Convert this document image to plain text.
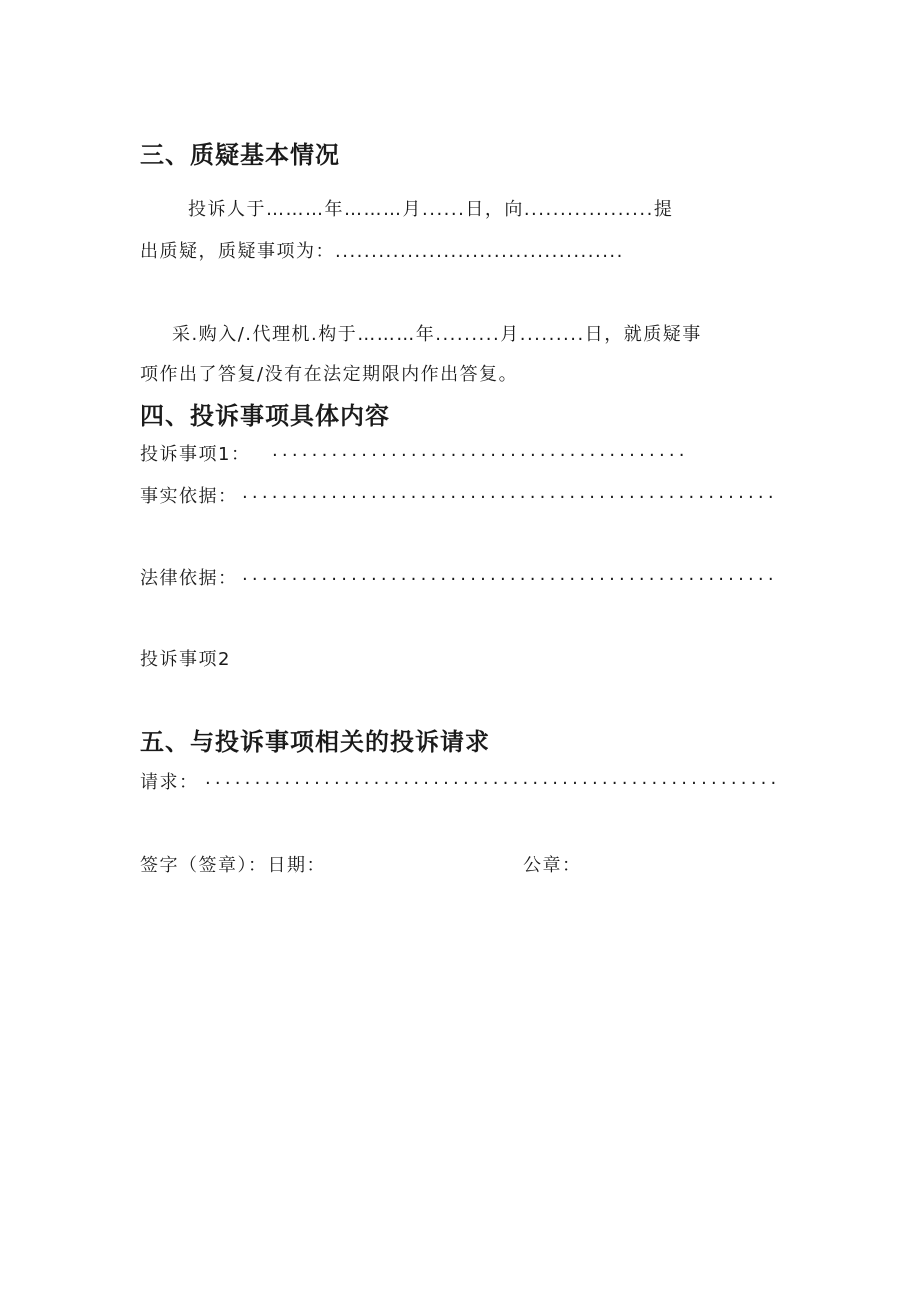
三、质疑基本情况
投诉人于………年………月......日，向..................提
出质疑，质疑事项为：........................................
采.购入/.代理机.构于………年.........月.........日，就质疑事
项作出了答复/没有在法定期限内作出答复。
四、投诉事项具体内容
投诉事项1： ..........................................
事实依据： ......................................................
法律依据： ......................................................
投诉事项2
五、与投诉事项相关的投诉请求
请求： ..........................................................
签字（签章）：日期：	公章：
